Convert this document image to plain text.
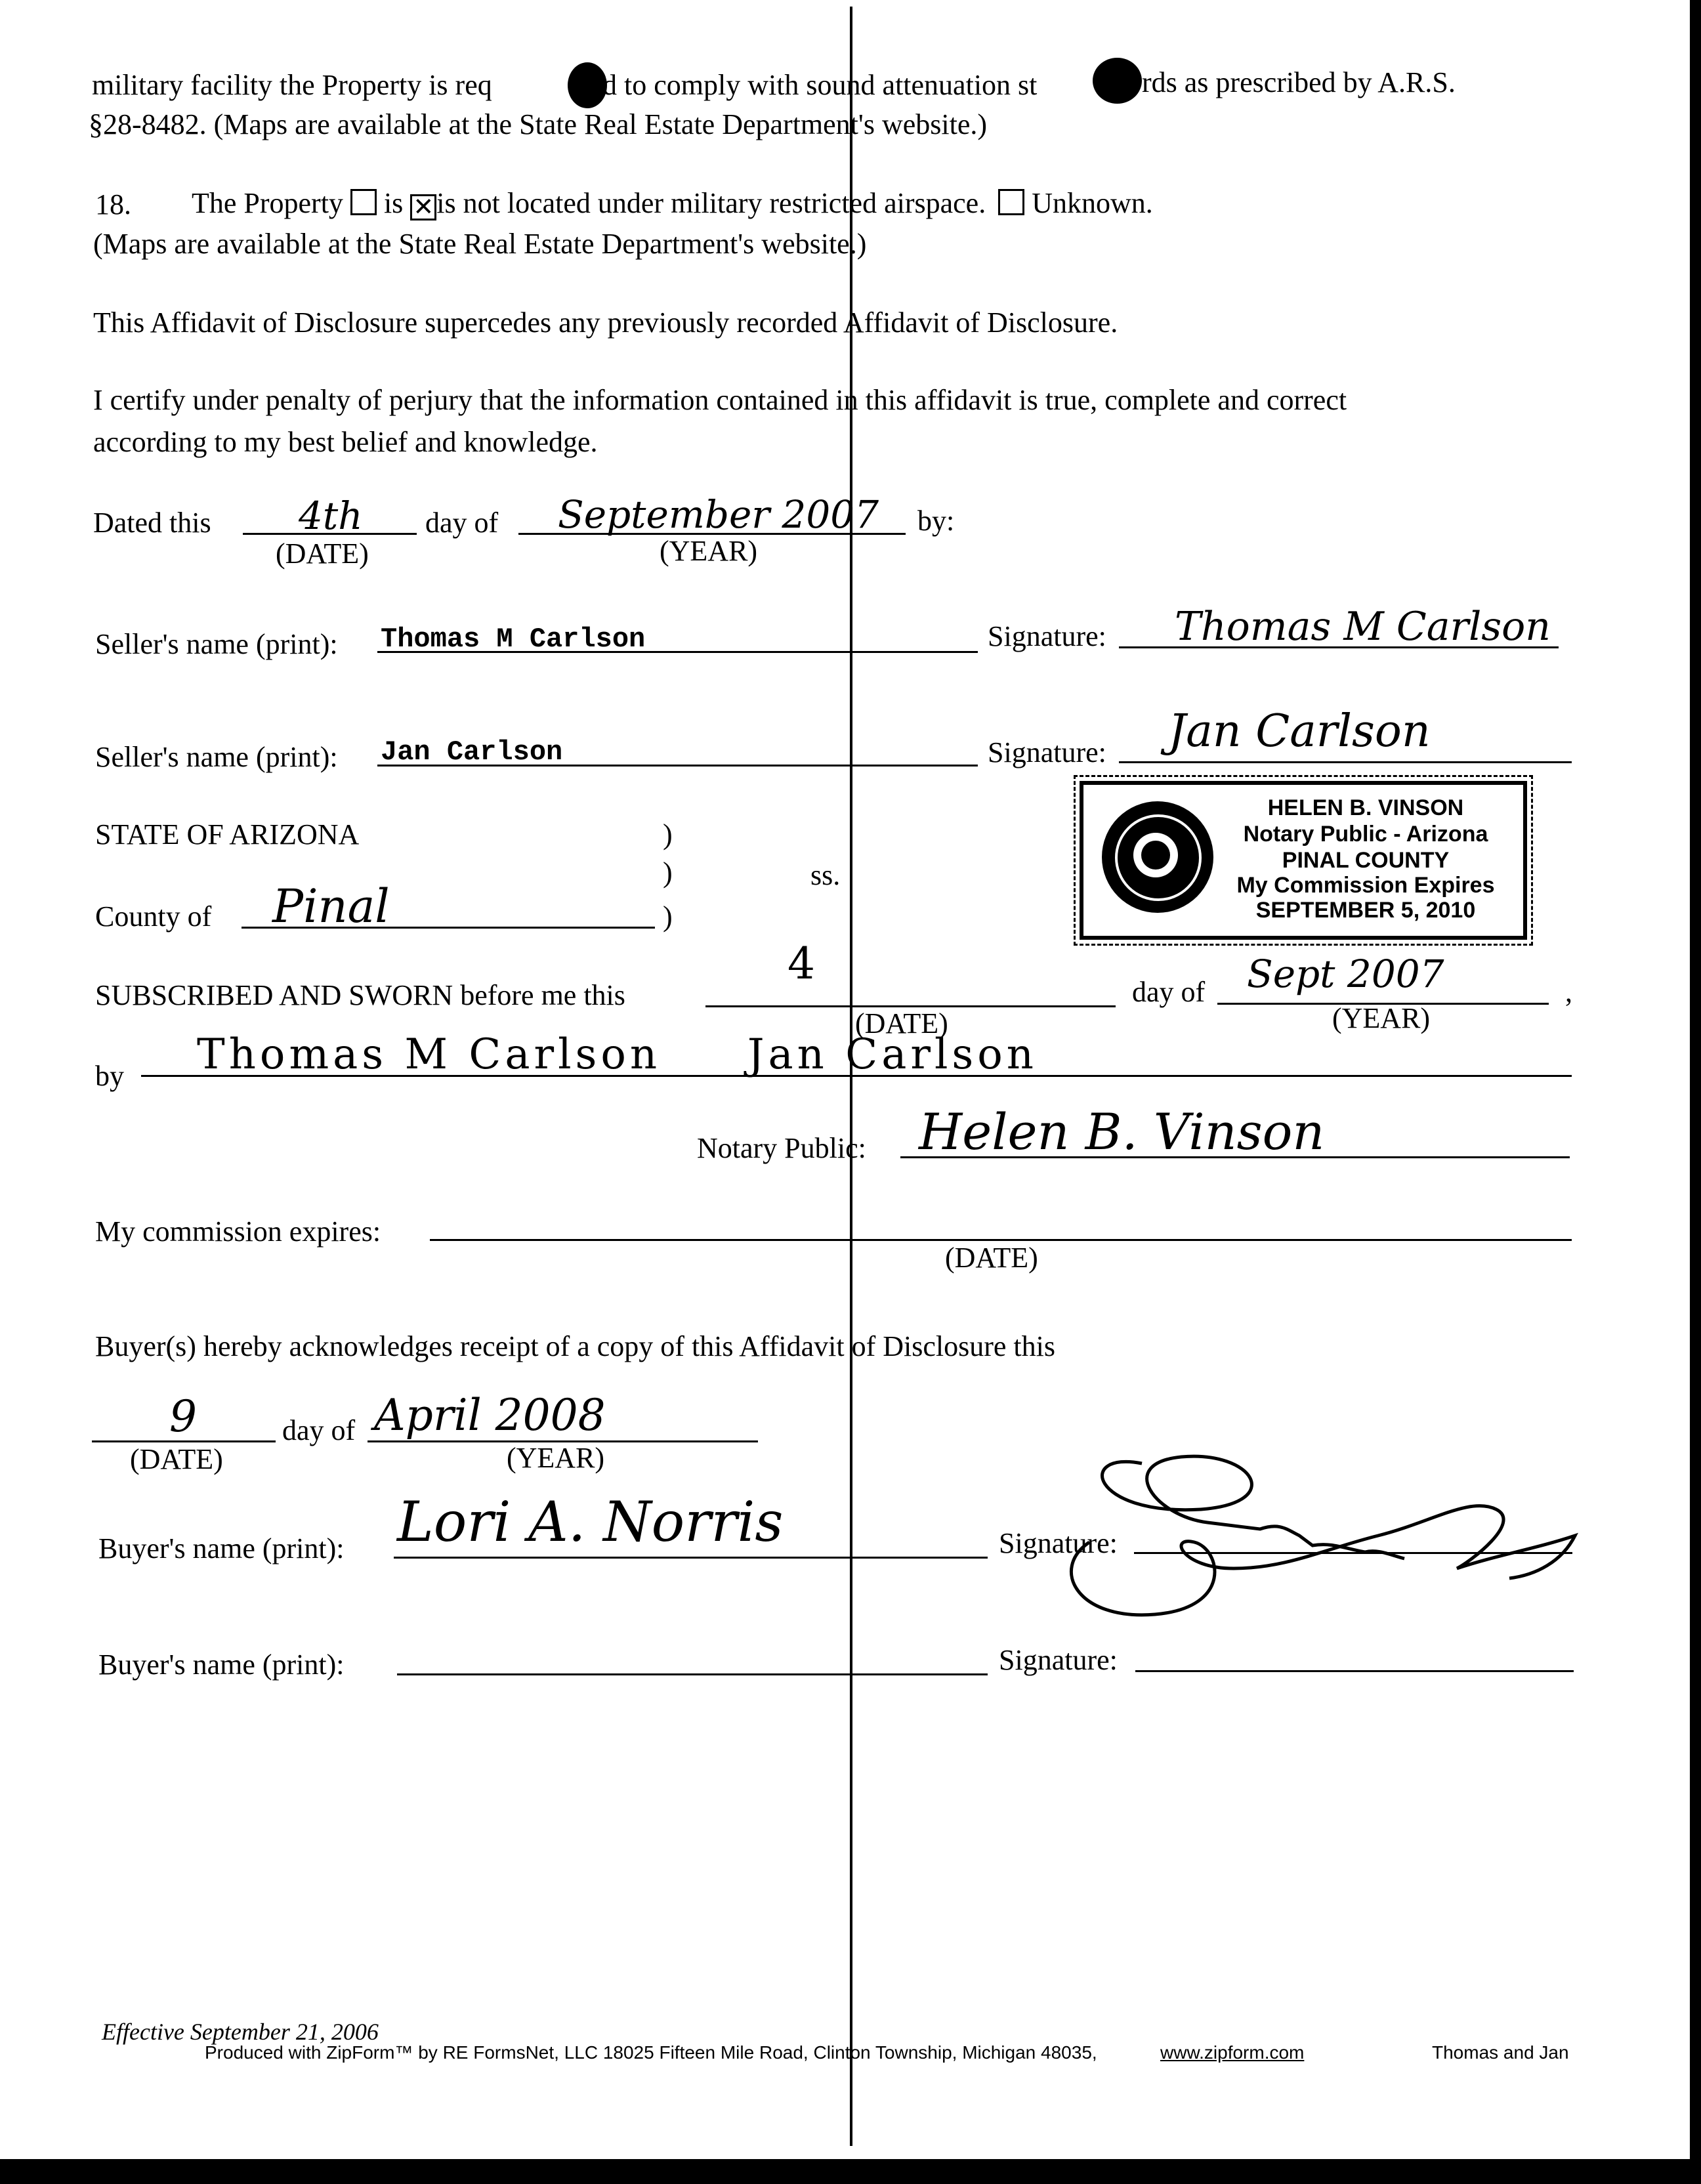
military facility the Property is req	d to comply with sound attenuation st	rds as prescribed by A.R.S.
§28-8482. (Maps are available at the State Real Estate Department's website.)
18. The Property is ✕is not located under military restricted airspace. Unknown.
(Maps are available at the State Real Estate Department's website.)
This Affidavit of Disclosure supercedes any previously recorded Affidavit of Disclosure.
I certify under penalty of perjury that the information contained in this affidavit is true, complete and correct
according to my best belief and knowledge.
Dated this 4th
(DATE)
day of September 2007
(YEAR)
by:
Seller's name (print): Thomas M Carlson	Signature: Thomas M Carlson
Seller's name (print): Jan Carlson	Signature: Jan Carlson
STATE OF ARIZONA	)
)
)
ss.
County of Pinal
HELEN B. VINSON
Notary Public - Arizona
PINAL COUNTY
My Commission Expires
SEPTEMBER 5, 2010
SUBSCRIBED AND SWORN before me this
4
(DATE)
day of Sept 2007	,
(YEAR)
by Thomas M Carlson     Jan Carlson
Notary Public: Helen B. Vinson
My commission expires:
(DATE)
Buyer(s) hereby acknowledges receipt of a copy of this Affidavit of Disclosure this
9
(DATE)
day of April 2008
(YEAR)
Buyer's name (print): Lori A. Norris	Signature:
Buyer's name (print):	Signature:
Effective September 21, 2006
Produced with ZipForm™ by RE FormsNet, LLC 18025 Fifteen Mile Road, Clinton Township, Michigan 48035,	www.zipform.com	Thomas and Jan
